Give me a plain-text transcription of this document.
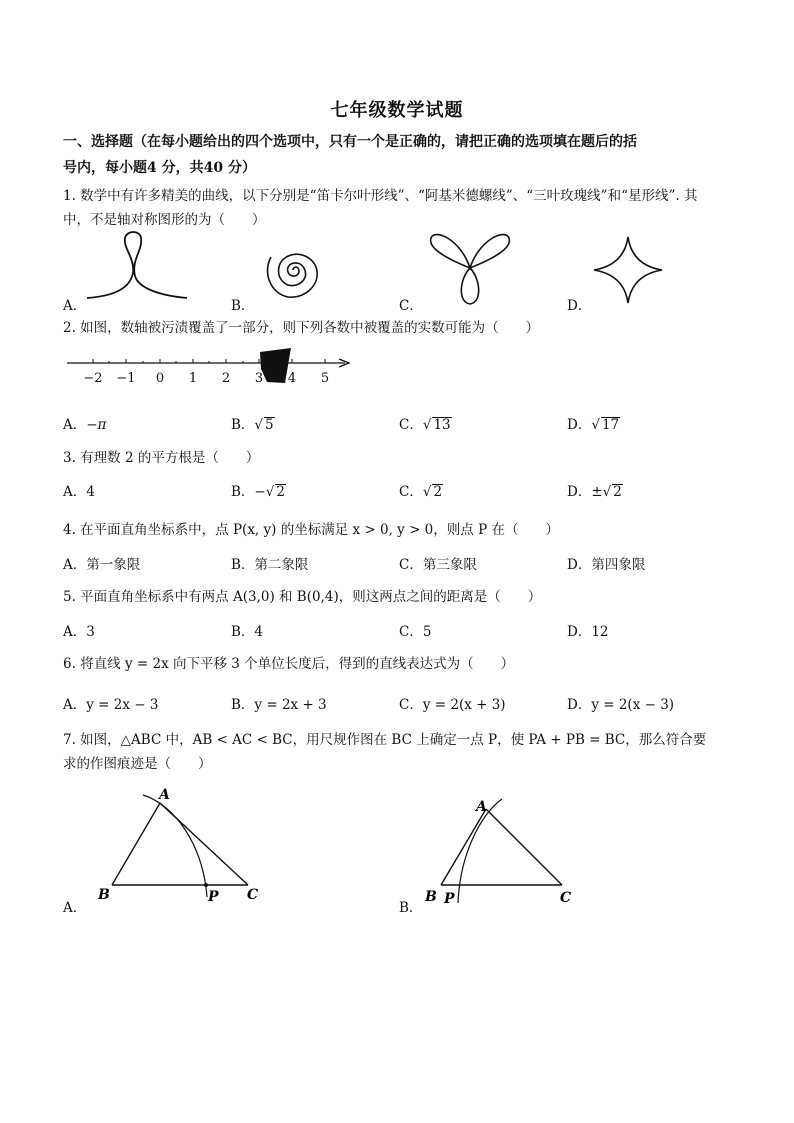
七年级数学试题
一、选择题（在每小题给出的四个选项中，只有一个是正确的，请把正确的选项填在题后的括
号内，每小题4 分，共40 分）
1. 数学中有许多精美的曲线，以下分别是“笛卡尔叶形线”、“阿基米德螺线”、“三叶玫瑰线”和“星形线”. 其
中，不是轴对称图形的为（　　）
A．	B．	C．	D．
2. 如图，数轴被污渍覆盖了一部分，则下列各数中被覆盖的实数可能为（　　）
−2 −1 0 1 2 3 4 5
A．−π	B．√ 5	C．√ 13	D．√ 17
3. 有理数 2 的平方根是（　　）
A．4	B．−√ 2	C．√ 2	D．±√ 2
4. 在平面直角坐标系中，点 P(x, y) 的坐标满足 x > 0, y > 0，则点 P 在（　　）
A．第一象限	B．第二象限	C．第三象限	D．第四象限
5. 平面直角坐标系中有两点 A(3,0) 和 B(0,4)，则这两点之间的距离是（　　）
A．3	B．4	C．5	D．12
6. 将直线 y = 2x 向下平移 3 个单位长度后，得到的直线表达式为（　　）
A．y = 2x − 3	B．y = 2x + 3	C．y = 2(x + 3)	D．y = 2(x − 3)
7. 如图，△ABC 中，AB < AC < BC，用尺规作图在 BC 上确定一点 P，使 PA + PB = BC，那么符合要
求的作图痕迹是（　　）
A
B	C
P
A．
A
B	C
P
B．
